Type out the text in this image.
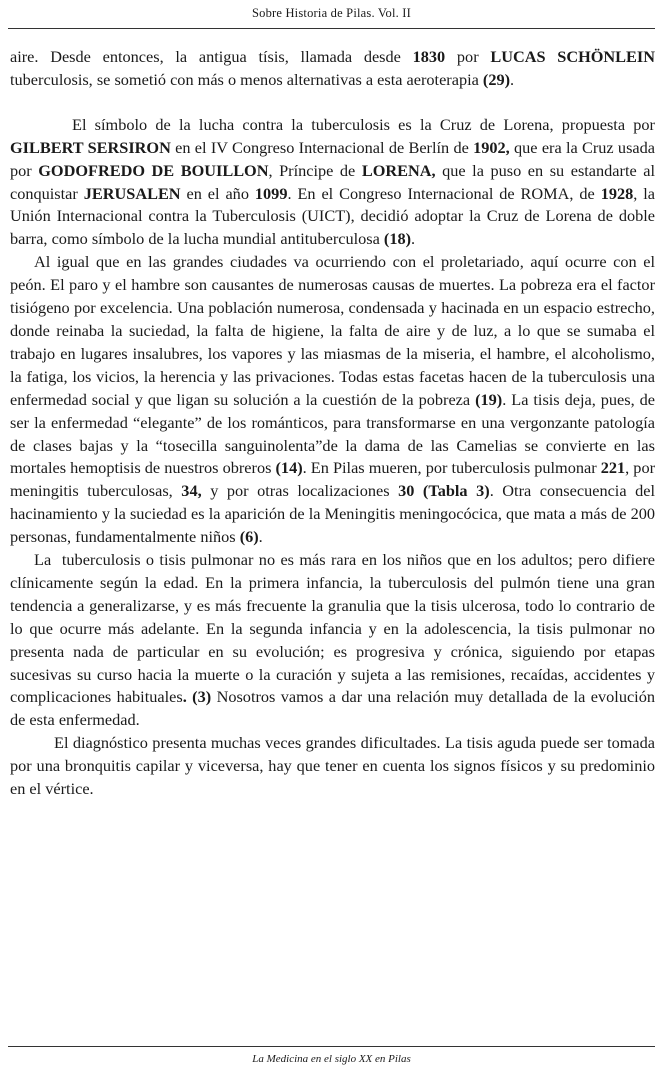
Sobre Historia de Pilas. Vol. II

aire. Desde entonces, la antigua tísis, llamada desde 1830 por LUCAS SCHÖNLEIN tuberculosis, se sometió con más o menos alternativas a esta aeroterapia (29).

El símbolo de la lucha contra la tuberculosis es la Cruz de Lorena, propuesta por GILBERT SERSIRON en el IV Congreso Internacional de Berlín de 1902, que era la Cruz usada por GODOFREDO DE BOUILLON, Príncipe de LORENA, que la puso en su estandarte al conquistar JERUSALEN en el año 1099. En el Congreso Internacional de ROMA, de 1928, la Unión Internacional contra la Tuberculosis (UICT), decidió adoptar la Cruz de Lorena de doble barra, como símbolo de la lucha mundial antituberculosa (18).

Al igual que en las grandes ciudades va ocurriendo con el proletariado, aquí ocurre con el peón. El paro y el hambre son causantes de numerosas causas de muertes. La pobreza era el factor tisiógeno por excelencia. Una población numerosa, condensada y hacinada en un espacio estrecho, donde reinaba la suciedad, la falta de higiene, la falta de aire y de luz, a lo que se sumaba el trabajo en lugares insalubres, los vapores y las miasmas de la miseria, el hambre, el alcoholismo, la fatiga, los vicios, la herencia y las privaciones. Todas estas facetas hacen de la tuberculosis una enfermedad social y que ligan su solución a la cuestión de la pobreza (19). La tisis deja, pues, de ser la enfermedad “elegante” de los románticos, para transformarse en una vergonzante patología de clases bajas y la “tosecilla sanguinolenta”de la dama de las Camelias se convierte en las mortales hemoptisis de nuestros obreros (14). En Pilas mueren, por tuberculosis pulmonar 221, por meningitis tuberculosas, 34, y por otras localizaciones 30 (Tabla 3). Otra consecuencia del hacinamiento y la suciedad es la aparición de la Meningitis meningocócica, que mata a más de 200 personas, fundamentalmente niños (6).

La  tuberculosis o tisis pulmonar no es más rara en los niños que en los adultos; pero difiere clínicamente según la edad. En la primera infancia, la tuberculosis del pulmón tiene una gran tendencia a generalizarse, y es más frecuente la granulia que la tisis ulcerosa, todo lo contrario de lo que ocurre más adelante. En la segunda infancia y en la adolescencia, la tisis pulmonar no presenta nada de particular en su evolución; es progresiva y crónica, siguiendo por etapas sucesivas su curso hacia la muerte o la curación y sujeta a las remisiones, recaídas, accidentes y complicaciones habituales. (3) Nosotros vamos a dar una relación muy detallada de la evolución de esta enfermedad.

El diagnóstico presenta muchas veces grandes dificultades. La tisis aguda puede ser tomada por una bronquitis capilar y viceversa, hay que tener en cuenta los signos físicos y su predominio en el vértice.

La Medicina en el siglo XX en Pilas
